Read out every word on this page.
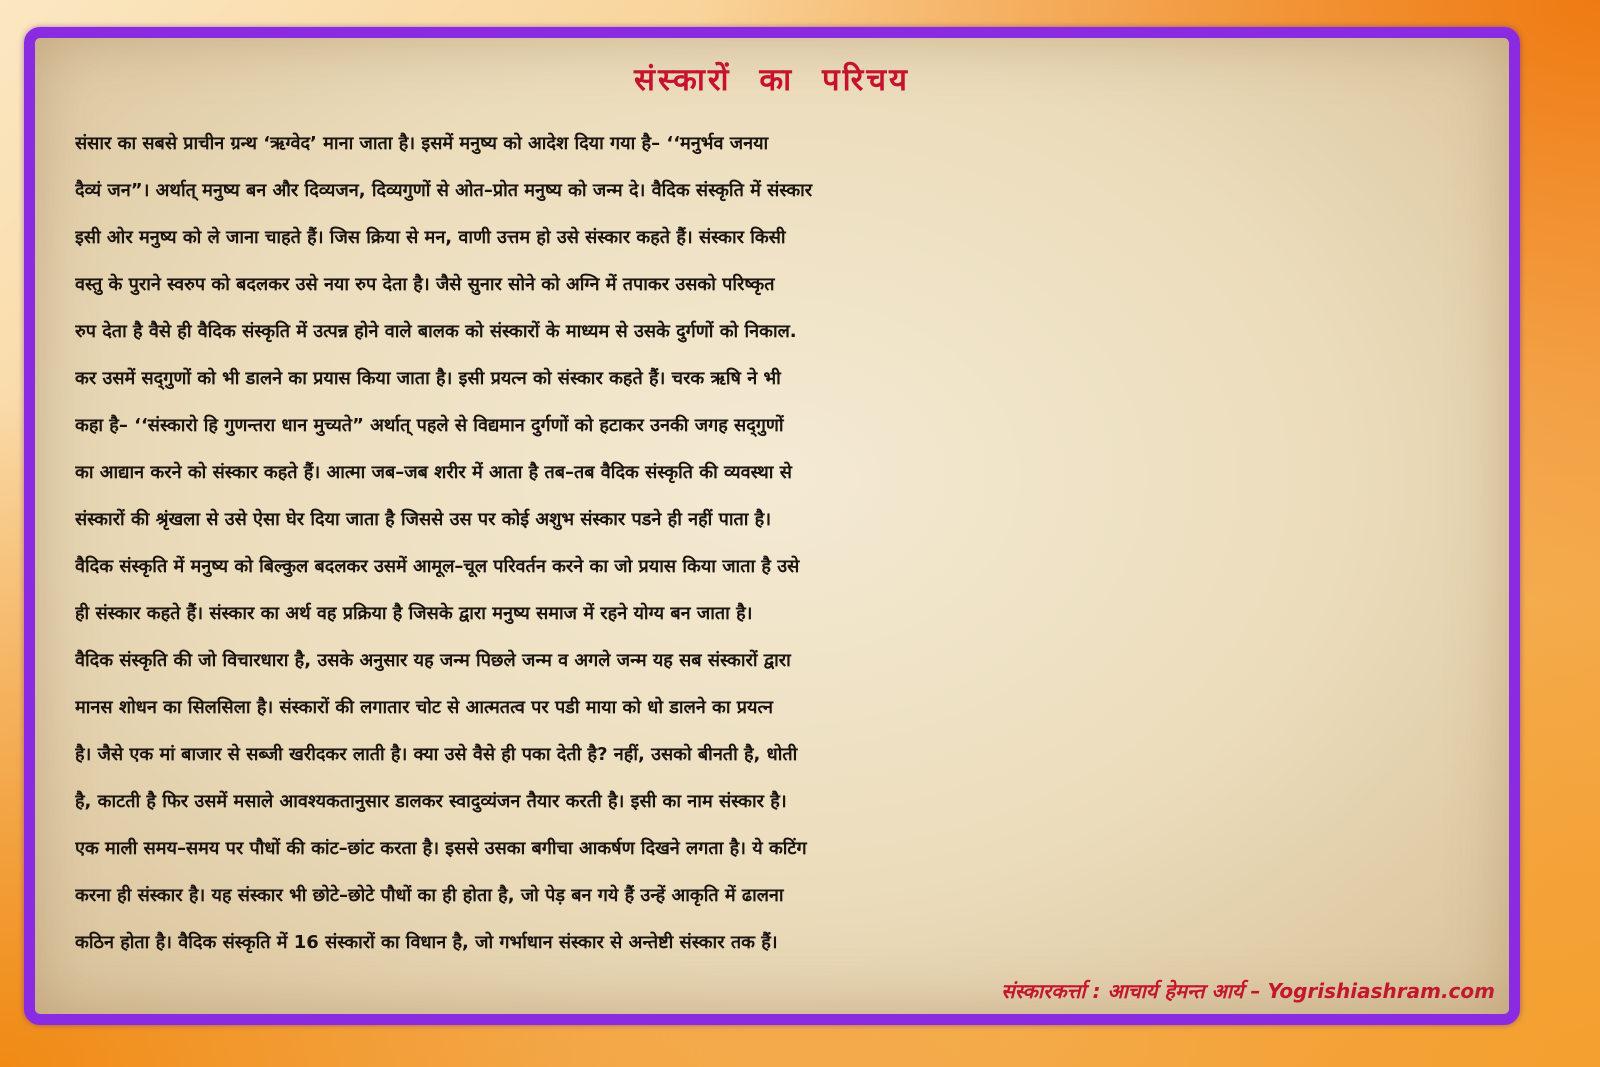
संस्कारों का परिचय
संसार का सबसे प्राचीन ग्रन्थ ‘ऋग्वेद’ माना जाता है। इसमें मनुष्य को आदेश दिया गया है– ‘‘मनुर्भव जनया
दैव्यं जन”। अर्थात् मनुष्य बन और दिव्यजन, दिव्यगुणों से ओत–प्रोत मनुष्य को जन्म दे। वैदिक संस्कृति में संस्कार
इसी ओर मनुष्य को ले जाना चाहते हैं। जिस क्रिया से मन, वाणी उत्तम हो उसे संस्कार कहते हैं। संस्कार किसी
वस्तु के पुराने स्वरुप को बदलकर उसे नया रुप देता है। जैसे सुनार सोने को अग्नि में तपाकर उसको परिष्कृत
रुप देता है वैसे ही वैदिक संस्कृति में उत्पन्न होने वाले बालक को संस्कारों के माध्यम से उसके दुर्गणों को निकाल.
कर उसमें सद्‌गुणों को भी डालने का प्रयास किया जाता है। इसी प्रयत्न को संस्कार कहते हैं। चरक ऋषि ने भी
कहा है– ‘‘संस्कारो हि गुणन्तरा धान मुच्यते” अर्थात् पहले से विद्यमान दुर्गणों को हटाकर उनकी जगह सद्‌गुणों
का आद्यान करने को संस्कार कहते हैं। आत्मा जब–जब शरीर में आता है तब–तब वैदिक संस्कृति की व्यवस्था से
संस्कारों की श्रृंखला से उसे ऐसा घेर दिया जाता है जिससे उस पर कोई अशुभ संस्कार पडने ही नहीं पाता है।
वैदिक संस्कृति में मनुष्य को बिल्कुल बदलकर उसमें आमूल–चूल परिवर्तन करने का जो प्रयास किया जाता है उसे
ही संस्कार कहते हैं। संस्कार का अर्थ वह प्रक्रिया है जिसके द्वारा मनुष्य समाज में रहने योग्य बन जाता है।
वैदिक संस्कृति की जो विचारधारा है, उसके अनुसार यह जन्म पिछले जन्म व अगले जन्म यह सब संस्कारों द्वारा
मानस शोधन का सिलसिला है। संस्कारों की लगातार चोट से आत्मतत्व पर पडी माया को धो डालने का प्रयत्न
है। जैसे एक मां बाजार से सब्जी खरीदकर लाती है। क्या उसे वैसे ही पका देती है? नहीं, उसको बीनती है, धोती
है, काटती है फिर उसमें मसाले आवश्यकतानुसार डालकर स्वादुव्यंजन तैयार करती है। इसी का नाम संस्कार है।
एक माली समय–समय पर पौधों की कांट–छांट करता है। इससे उसका बगीचा आकर्षण दिखने लगता है। ये कटिंग
करना ही संस्कार है। यह संस्कार भी छोटे–छोटे पौधों का ही होता है, जो पेड़ बन गये हैं उन्हें आकृति में ढालना
कठिन होता है। वैदिक संस्कृति में 16 संस्कारों का विधान है, जो गर्भाधान संस्कार से अन्तेष्टी संस्कार तक हैं।

संस्कारकर्त्ता : आचार्य हेमन्त आर्य – Yogrishiashram.com
